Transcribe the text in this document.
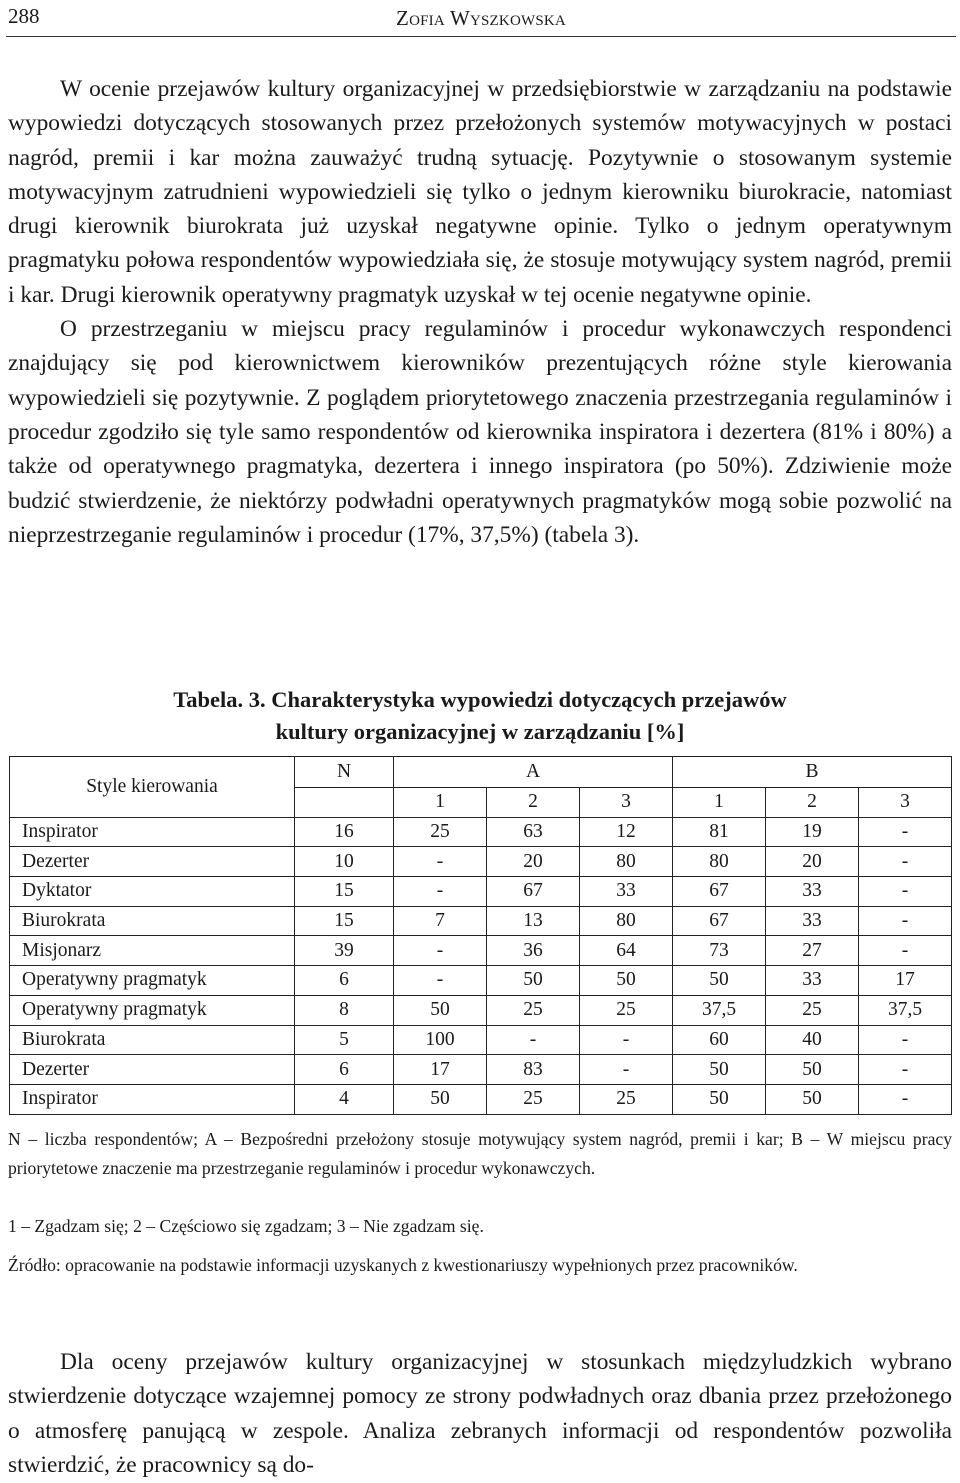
288	Zofia Wyszkowska

W ocenie przejawów kultury organizacyjnej w przedsiębiorstwie w zarządzaniu na podstawie wypowiedzi dotyczących stosowanych przez przełożonych systemów motywacyjnych w postaci nagród, premii i kar można zauważyć trudną sytuację. Pozytywnie o stosowanym systemie motywacyjnym zatrudnieni wypowiedzieli się tylko o jednym kierowniku biurokracie, natomiast drugi kierownik biurokrata już uzyskał negatywne opinie. Tylko o jednym operatywnym pragmatyku połowa respondentów wypowiedziała się, że stosuje motywujący system nagród, premii i kar. Drugi kierownik operatywny pragmatyk uzyskał w tej ocenie negatywne opinie.

O przestrzeganiu w miejscu pracy regulaminów i procedur wykonawczych respondenci znajdujący się pod kierownictwem kierowników prezentujących różne style kierowania wypowiedzieli się pozytywnie. Z poglądem priorytetowego znaczenia przestrzegania regulaminów i procedur zgodziło się tyle samo respondentów od kierownika inspiratora i dezertera (81% i 80%) a także od operatywnego pragmatyka, dezertera i innego inspiratora (po 50%). Zdziwienie może budzić stwierdzenie, że niektórzy podwładni operatywnych pragmatyków mogą sobie pozwolić na nieprzestrzeganie regulaminów i procedur (17%, 37,5%) (tabela 3).

Tabela. 3. Charakterystyka wypowiedzi dotyczących przejawów
kultury organizacyjnej w zarządzaniu [%]
Style kierowania	N	A			B		
		1	2	3	1	2	3
Inspirator	16	25	63	12	81	19	-
Dezerter	10	-	20	80	80	20	-
Dyktator	15	-	67	33	67	33	-
Biurokrata	15	7	13	80	67	33	-
Misjonarz	39	-	36	64	73	27	-
Operatywny pragmatyk	6	-	50	50	50	33	17
Operatywny pragmatyk	8	50	25	25	37,5	25	37,5
Biurokrata	5	100	-	-	60	40	-
Dezerter	6	17	83	-	50	50	-
Inspirator	4	50	25	25	50	50	-

N – liczba respondentów; A – Bezpośredni przełożony stosuje motywujący system nagród, premii i kar; B – W miejscu pracy priorytetowe znaczenie ma przestrzeganie regulaminów i procedur wykonawczych.

1 – Zgadzam się; 2 – Częściowo się zgadzam; 3 – Nie zgadzam się.

Źródło: opracowanie na podstawie informacji uzyskanych z kwestionariuszy wypełnionych przez pracowników.

Dla oceny przejawów kultury organizacyjnej w stosunkach międzyludzkich wybrano stwierdzenie dotyczące wzajemnej pomocy ze strony podwładnych oraz dbania przez przełożonego o atmosferę panującą w zespole. Analiza zebranych informacji od respondentów pozwoliła stwierdzić, że pracownicy są do-
